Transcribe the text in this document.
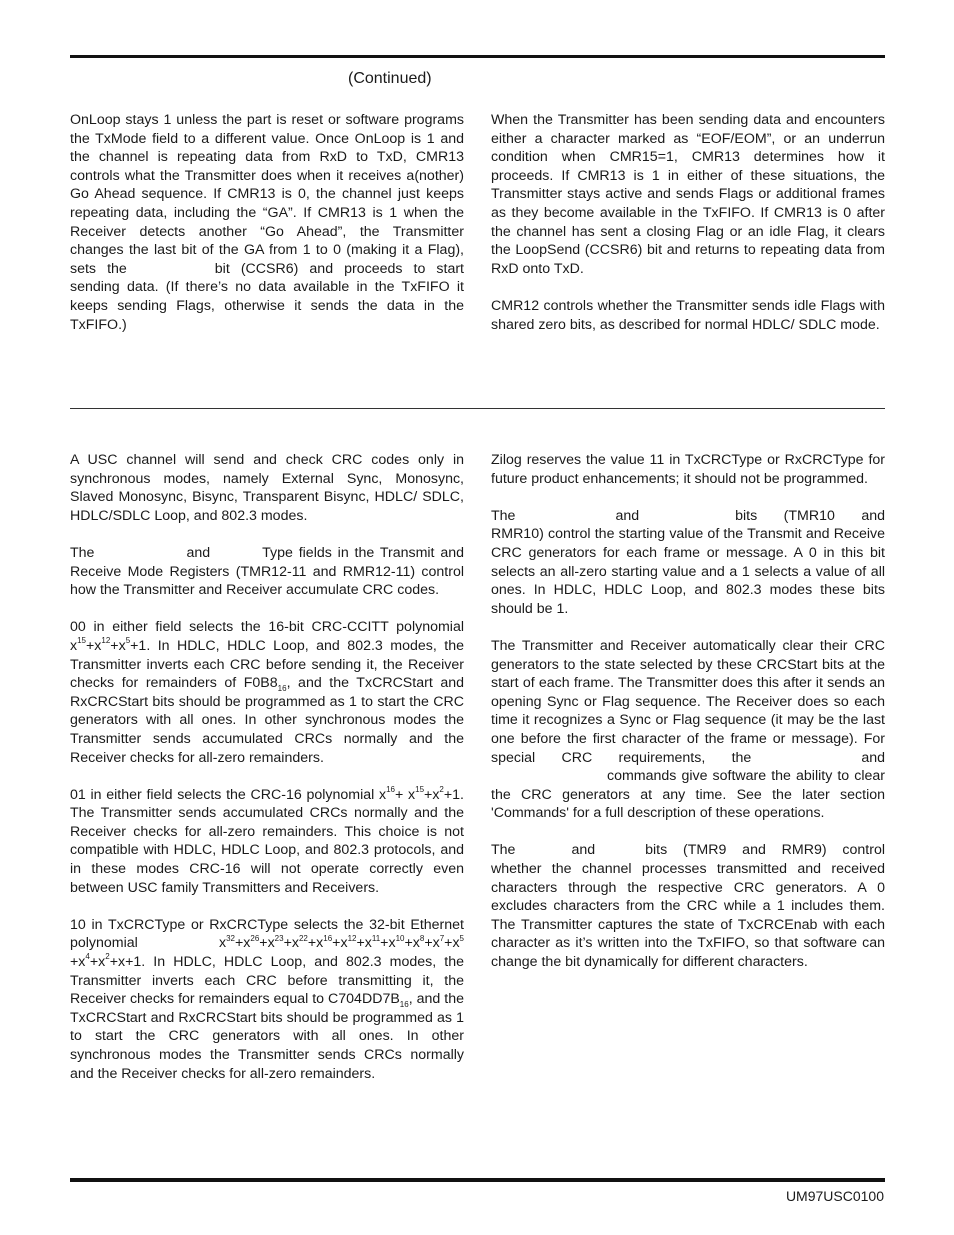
(Continued)

OnLoop stays 1 unless the part is reset or software programs the TxMode field to a different value. Once OnLoop is 1 and the channel is repeating data from RxD to TxD, CMR13 controls what the Transmitter does when it receives a(nother) Go Ahead sequence. If CMR13 is 0, the channel just keeps repeating data, including the “GA”. If CMR13 is 1 when the Receiver detects another “Go Ahead”, the Transmitter changes the last bit of the GA from 1 to 0 (making it a Flag), sets the	bit (CCSR6) and proceeds to start sending data. (If there’s no data available in the TxFIFO it keeps sending Flags, otherwise it sends the data in the TxFIFO.)

When the Transmitter has been sending data and encounters either a character marked as “EOF/EOM”, or an underrun condition when CMR15=1, CMR13 determines how it proceeds. If CMR13 is 1 in either of these situations, the Transmitter stays active and sends Flags or additional frames as they become available in the TxFIFO. If CMR13 is 0 after the channel has sent a closing Flag or an idle Flag, it clears the LoopSend (CCSR6) bit and returns to repeating data from RxD onto TxD.

CMR12 controls whether the Transmitter sends idle Flags with shared zero bits, as described for normal HDLC/ SDLC mode.

A USC channel will send and check CRC codes only in synchronous modes, namely External Sync, Monosync, Slaved Monosync, Bisync, Transparent Bisync, HDLC/ SDLC, HDLC/SDLC Loop, and 802.3 modes.

The	and	Type fields in the Transmit and Receive Mode Registers (TMR12-11 and RMR12-11) control how the Transmitter and Receiver accumulate CRC codes.

00 in either field selects the 16-bit CRC-CCITT polynomial $x^{15}+x^{12}+x^5+1$. In HDLC, HDLC Loop, and 802.3 modes, the Transmitter inverts each CRC before sending it, the Receiver checks for remainders of $F0B8_{16}$, and the TxCRCStart and RxCRCStart bits should be programmed as 1 to start the CRC generators with all ones. In other synchronous modes the Transmitter sends accumulated CRCs normally and the Receiver checks for all-zero remainders.

01 in either field selects the CRC-16 polynomial $x^{16}+ x^{15}+x^2+1$. The Transmitter sends accumulated CRCs normally and the Receiver checks for all-zero remainders. This choice is not compatible with HDLC, HDLC Loop, and 802.3 protocols, and in these modes CRC-16 will not operate correctly even between USC family Transmitters and Receivers.

10 in TxCRCType or RxCRCType selects the 32-bit Ethernet polynomial $x^{32}+x^{26}+x^{23}+x^{22}+x^{16}+x^{12}+x^{11}+x^{10}+x^8+x^7+x^5 +x^4+x^2+x+1$. In HDLC, HDLC Loop, and 802.3 modes, the Transmitter inverts each CRC before transmitting it, the Receiver checks for remainders equal to $C704DD7B_{16}$, and the TxCRCStart and RxCRCStart bits should be programmed as 1 to start the CRC generators with all ones. In other synchronous modes the Transmitter sends CRCs normally and the Receiver checks for all-zero remainders.

Zilog reserves the value 11 in TxCRCType or RxCRCType for future product enhancements; it should not be programmed.

The	and	bits (TMR10 and RMR10) control the starting value of the Transmit and Receive CRC generators for each frame or message. A 0 in this bit selects an all-zero starting value and a 1 selects a value of all ones. In HDLC, HDLC Loop, and 802.3 modes these bits should be 1.

The Transmitter and Receiver automatically clear their CRC generators to the state selected by these CRCStart bits at the start of each frame. The Transmitter does this after it sends an opening Sync or Flag sequence. The Receiver does so each time it recognizes a Sync or Flag sequence (it may be the last one before the first character of the frame or message). For special CRC requirements, the	andcommands give software the ability to clear the CRC generators at any time. See the later section 'Commands' for a full description of these operations.

The	and	bits (TMR9 and RMR9) control whether the channel processes transmitted and received characters through the respective CRC generators. A 0 excludes characters from the CRC while a 1 includes them. The Transmitter captures the state of TxCRCEnab with each character as it’s written into the TxFIFO, so that software can change the bit dynamically for different characters.

UM97USC0100
